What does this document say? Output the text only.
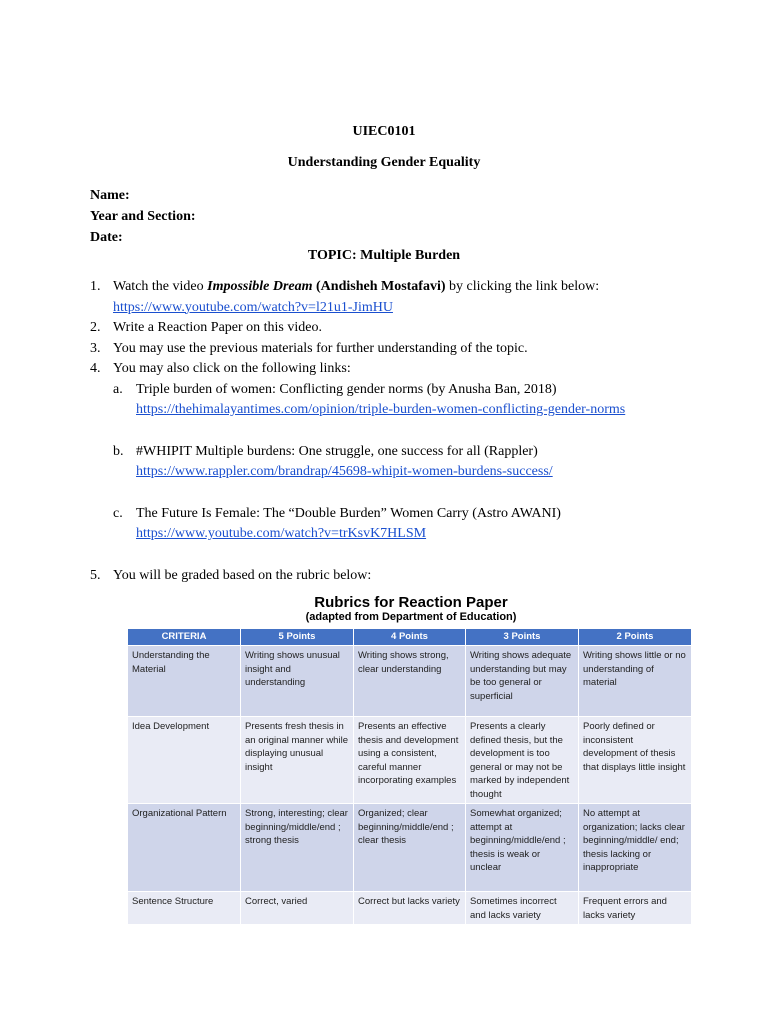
UIEC0101
Understanding Gender Equality
Name:
Year and Section:
Date:
TOPIC: Multiple Burden
1. Watch the video Impossible Dream (Andisheh Mostafavi) by clicking the link below:
https://www.youtube.com/watch?v=l21u1-JimHU
2. Write a Reaction Paper on this video.
3. You may use the previous materials for further understanding of the topic.
4. You may also click on the following links:
a. Triple burden of women: Conflicting gender norms (by Anusha Ban, 2018)
https://thehimalayantimes.com/opinion/triple-burden-women-conflicting-gender-norms
b. #WHIPIT Multiple burdens: One struggle, one success for all (Rappler)
https://www.rappler.com/brandrap/45698-whipit-women-burdens-success/
c. The Future Is Female: The “Double Burden” Women Carry (Astro AWANI)
https://www.youtube.com/watch?v=trKsvK7HLSM
5. You will be graded based on the rubric below:
Rubrics for Reaction Paper
(adapted from Department of Education)
CRITERIA	5 Points	4 Points	3 Points	2 Points
Understanding the Material	Writing shows unusual insight and understanding	Writing shows strong, clear understanding	Writing shows adequate understanding but may be too general or superficial	Writing shows little or no understanding of material
Idea Development	Presents fresh thesis in an original manner while displaying unusual insight	Presents an effective thesis and development using a consistent, careful manner incorporating examples	Presents a clearly defined thesis, but the development is too general or may not be marked by independent thought	Poorly defined or inconsistent development of thesis that displays little insight
Organizational Pattern	Strong, interesting; clear beginning/middle/end ; strong thesis	Organized; clear beginning/middle/end ; clear thesis	Somewhat organized; attempt at beginning/middle/end ; thesis is weak or unclear	No attempt at organization; lacks clear beginning/middle/ end; thesis lacking or inappropriate
Sentence Structure	Correct, varied	Correct but lacks variety	Sometimes incorrect and lacks variety	Frequent errors and lacks variety
